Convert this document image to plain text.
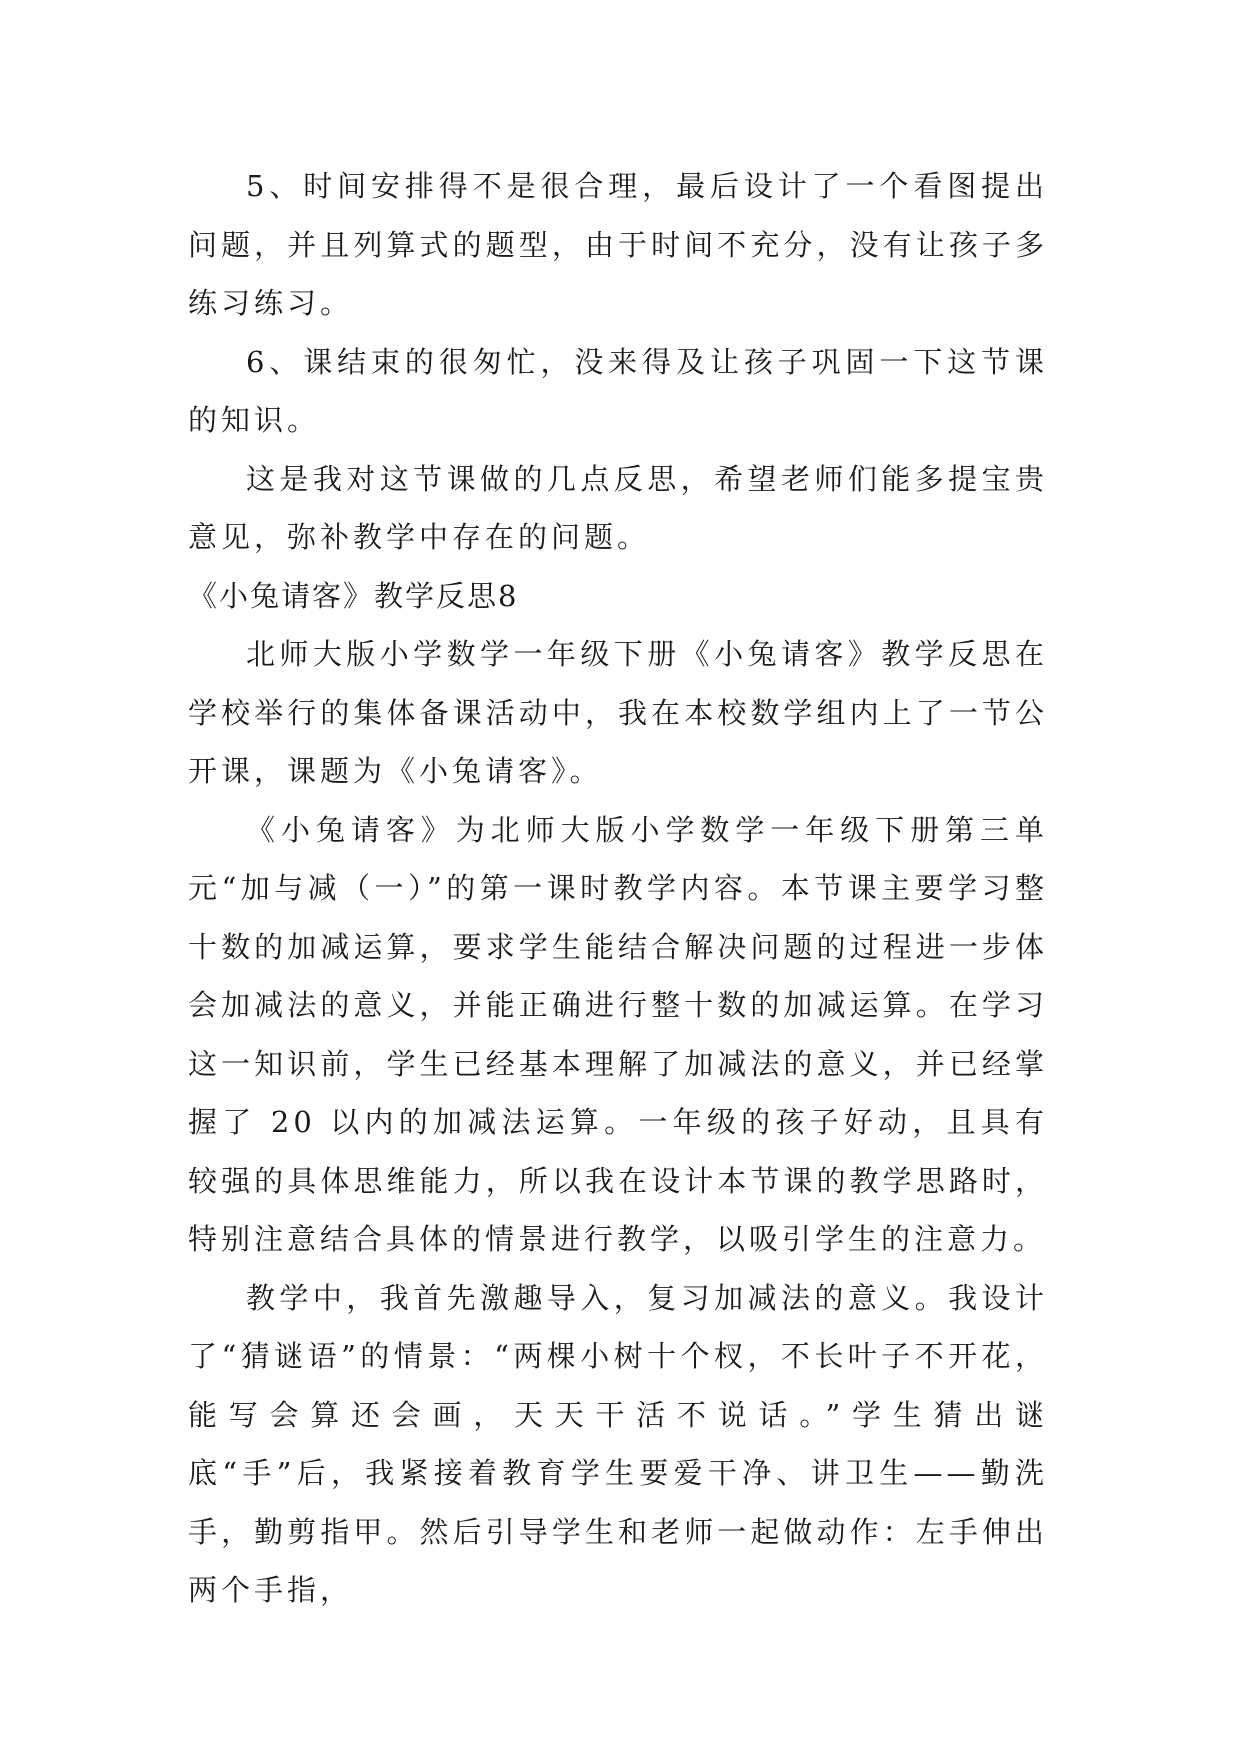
5、时间安排得不是很合理，最后设计了一个看图提出问题，并且列算式的题型，由于时间不充分，没有让孩子多练习练习。

6、课结束的很匆忙，没来得及让孩子巩固一下这节课的知识。

这是我对这节课做的几点反思，希望老师们能多提宝贵意见，弥补教学中存在的问题。

《小兔请客》教学反思8

北师大版小学数学一年级下册《小兔请客》教学反思在学校举行的集体备课活动中，我在本校数学组内上了一节公开课，课题为《小兔请客》。

《小兔请客》为北师大版小学数学一年级下册第三单元“加与减（一）”的第一课时教学内容。本节课主要学习整十数的加减运算，要求学生能结合解决问题的过程进一步体会加减法的意义，并能正确进行整十数的加减运算。在学习这一知识前，学生已经基本理解了加减法的意义，并已经掌握了 20 以内的加减法运算。一年级的孩子好动，且具有较强的具体思维能力，所以我在设计本节课的教学思路时，特别注意结合具体的情景进行教学，以吸引学生的注意力。

教学中，我首先激趣导入，复习加减法的意义。我设计了“猜谜语”的情景：“两棵小树十个杈，不长叶子不开花，能写会算还会画，天天干活不说话。”学生猜出谜底“手”后，我紧接着教育学生要爱干净、讲卫生——勤洗手，勤剪指甲。然后引导学生和老师一起做动作：左手伸出两个手指，
